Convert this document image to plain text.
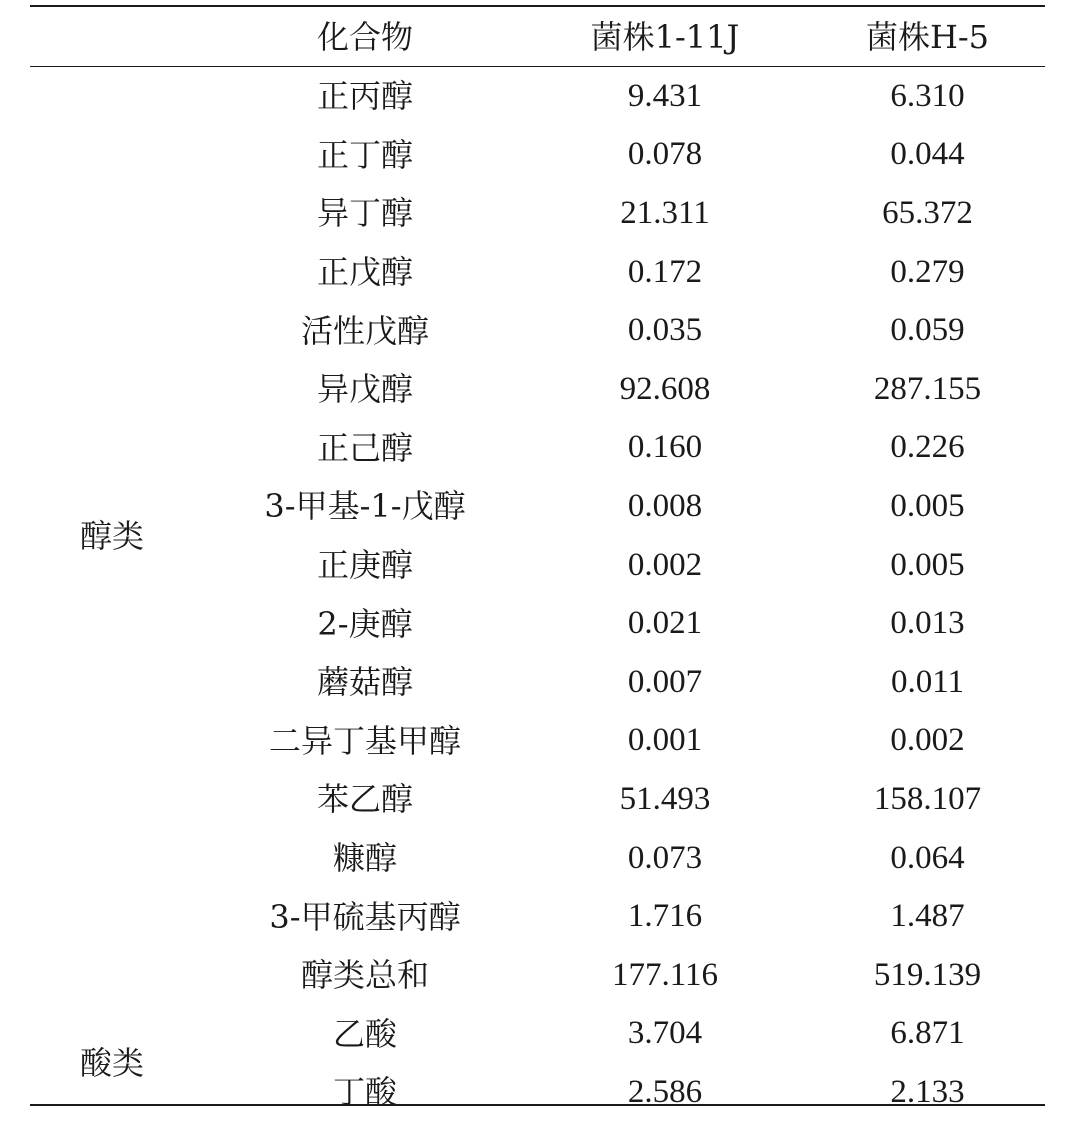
	化合物	菌株1-11J	菌株H-5
醇类	正丙醇	9.431	6.310
	正丁醇	0.078	0.044
	异丁醇	21.311	65.372
	正戊醇	0.172	0.279
	活性戊醇	0.035	0.059
	异戊醇	92.608	287.155
	正己醇	0.160	0.226
	3-甲基-1-戊醇	0.008	0.005
	正庚醇	0.002	0.005
	2-庚醇	0.021	0.013
	蘑菇醇	0.007	0.011
	二异丁基甲醇	0.001	0.002
	苯乙醇	51.493	158.107
	糠醇	0.073	0.064
	3-甲硫基丙醇	1.716	1.487
	醇类总和	177.116	519.139
酸类	乙酸	3.704	6.871
	丁酸	2.586	2.133
